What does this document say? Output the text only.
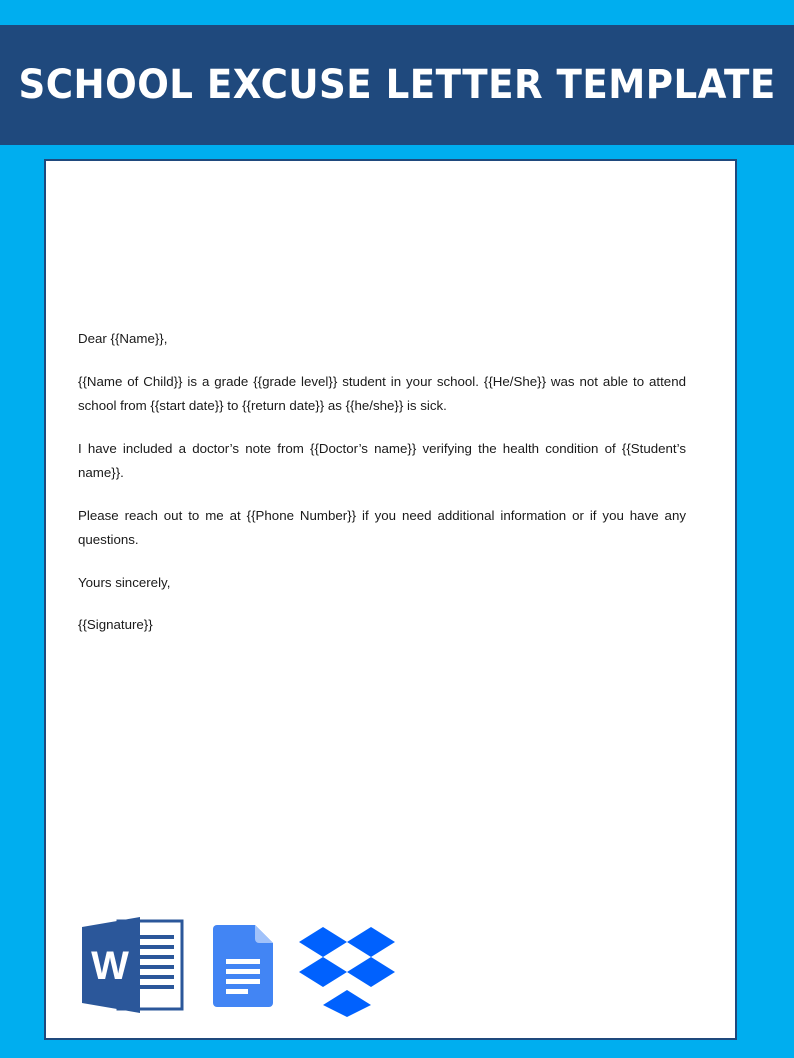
SCHOOL EXCUSE LETTER TEMPLATE

Dear {{Name}},

{{Name of Child}} is a grade {{grade level}} student in your school. {{He/She}} was not able to attend school from {{start date}} to {{return date}} as {{he/she}} is sick.

I have included a doctor’s note from {{Doctor’s name}} verifying the health condition of {{Student’s name}}.

Please reach out to me at {{Phone Number}} if you need additional information or if you have any questions.

Yours sincerely,

{{Signature}}

W
